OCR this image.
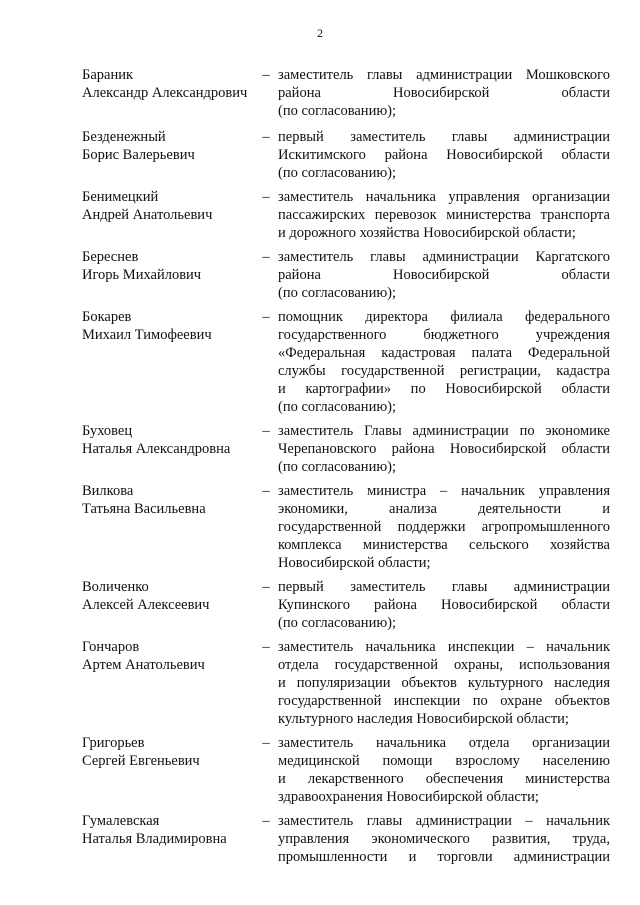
2
Бараник
Александр Александрович
– заместитель главы администрации Мошковского
района Новосибирской области
(по согласованию);
Безденежный
Борис Валерьевич
– первый заместитель главы администрации
Искитимского района Новосибирской области
(по согласованию);
Бенимецкий
Андрей Анатольевич
– заместитель начальника управления организации
пассажирских перевозок министерства транспорта
и дорожного хозяйства Новосибирской области;
Береснев
Игорь Михайлович
– заместитель главы администрации Каргатского
района Новосибирской области
(по согласованию);
Бокарев
Михаил Тимофеевич
– помощник директора филиала федерального
государственного бюджетного учреждения
«Федеральная кадастровая палата Федеральной
службы государственной регистрации, кадастра
и картографии» по Новосибирской области
(по согласованию);
Буховец
Наталья Александровна
– заместитель Главы администрации по экономике
Черепановского района Новосибирской области
(по согласованию);
Вилкова
Татьяна Васильевна
– заместитель министра – начальник управления
экономики, анализа деятельности и
государственной поддержки агропромышленного
комплекса министерства сельского хозяйства
Новосибирской области;
Воличенко
Алексей Алексеевич
– первый заместитель главы администрации
Купинского района Новосибирской области
(по согласованию);
Гончаров
Артем Анатольевич
– заместитель начальника инспекции – начальник
отдела государственной охраны, использования
и популяризации объектов культурного наследия
государственной инспекции по охране объектов
культурного наследия Новосибирской области;
Григорьев
Сергей Евгеньевич
– заместитель начальника отдела организации
медицинской помощи взрослому населению
и лекарственного обеспечения министерства
здравоохранения Новосибирской области;
Гумалевская
Наталья Владимировна
– заместитель главы администрации – начальник
управления экономического развития, труда,
промышленности и торговли администрации
